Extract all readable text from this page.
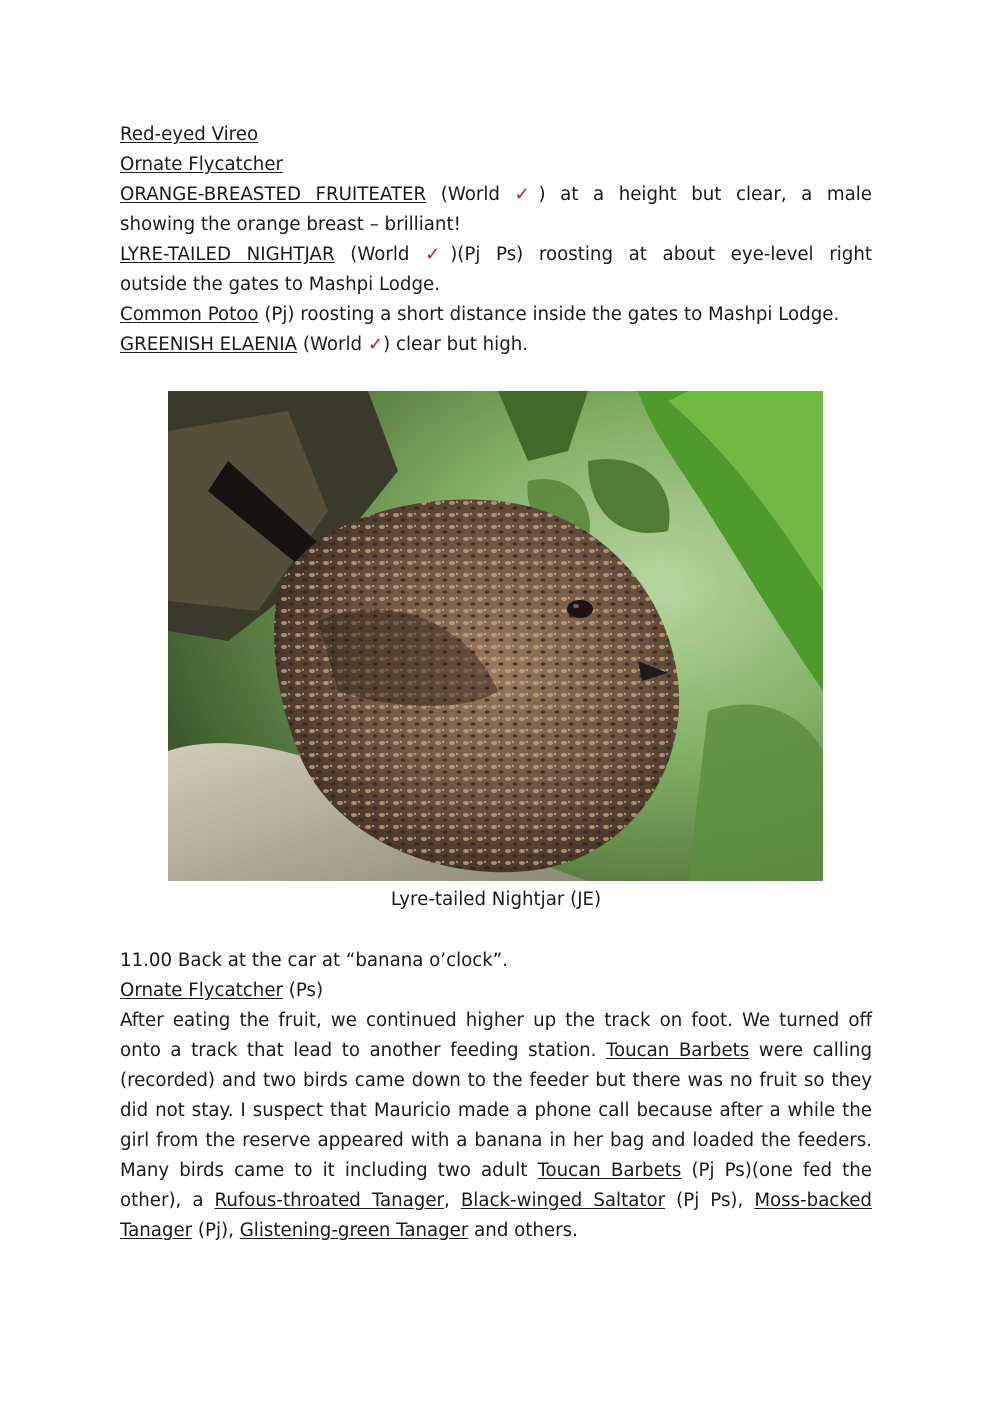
Red-eyed Vireo
Ornate Flycatcher
ORANGE-BREASTED FRUITEATER (World ✓) at a height but clear, a male
showing the orange breast – brilliant!
LYRE-TAILED NIGHTJAR (World ✓)(Pj Ps) roosting at about eye-level right
outside the gates to Mashpi Lodge.
Common Potoo (Pj) roosting a short distance inside the gates to Mashpi Lodge.
GREENISH ELAENIA (World ✓) clear but high.
Lyre-tailed Nightjar (JE)
11.00 Back at the car at “banana o’clock”.
Ornate Flycatcher (Ps)
After eating the fruit, we continued higher up the track on foot. We turned off
onto a track that lead to another feeding station. Toucan Barbets were calling
(recorded) and two birds came down to the feeder but there was no fruit so they
did not stay. I suspect that Mauricio made a phone call because after a while the
girl from the reserve appeared with a banana in her bag and loaded the feeders.
Many birds came to it including two adult Toucan Barbets (Pj Ps)(one fed the
other), a Rufous-throated Tanager, Black-winged Saltator (Pj Ps), Moss-backed
Tanager (Pj), Glistening-green Tanager and others.
